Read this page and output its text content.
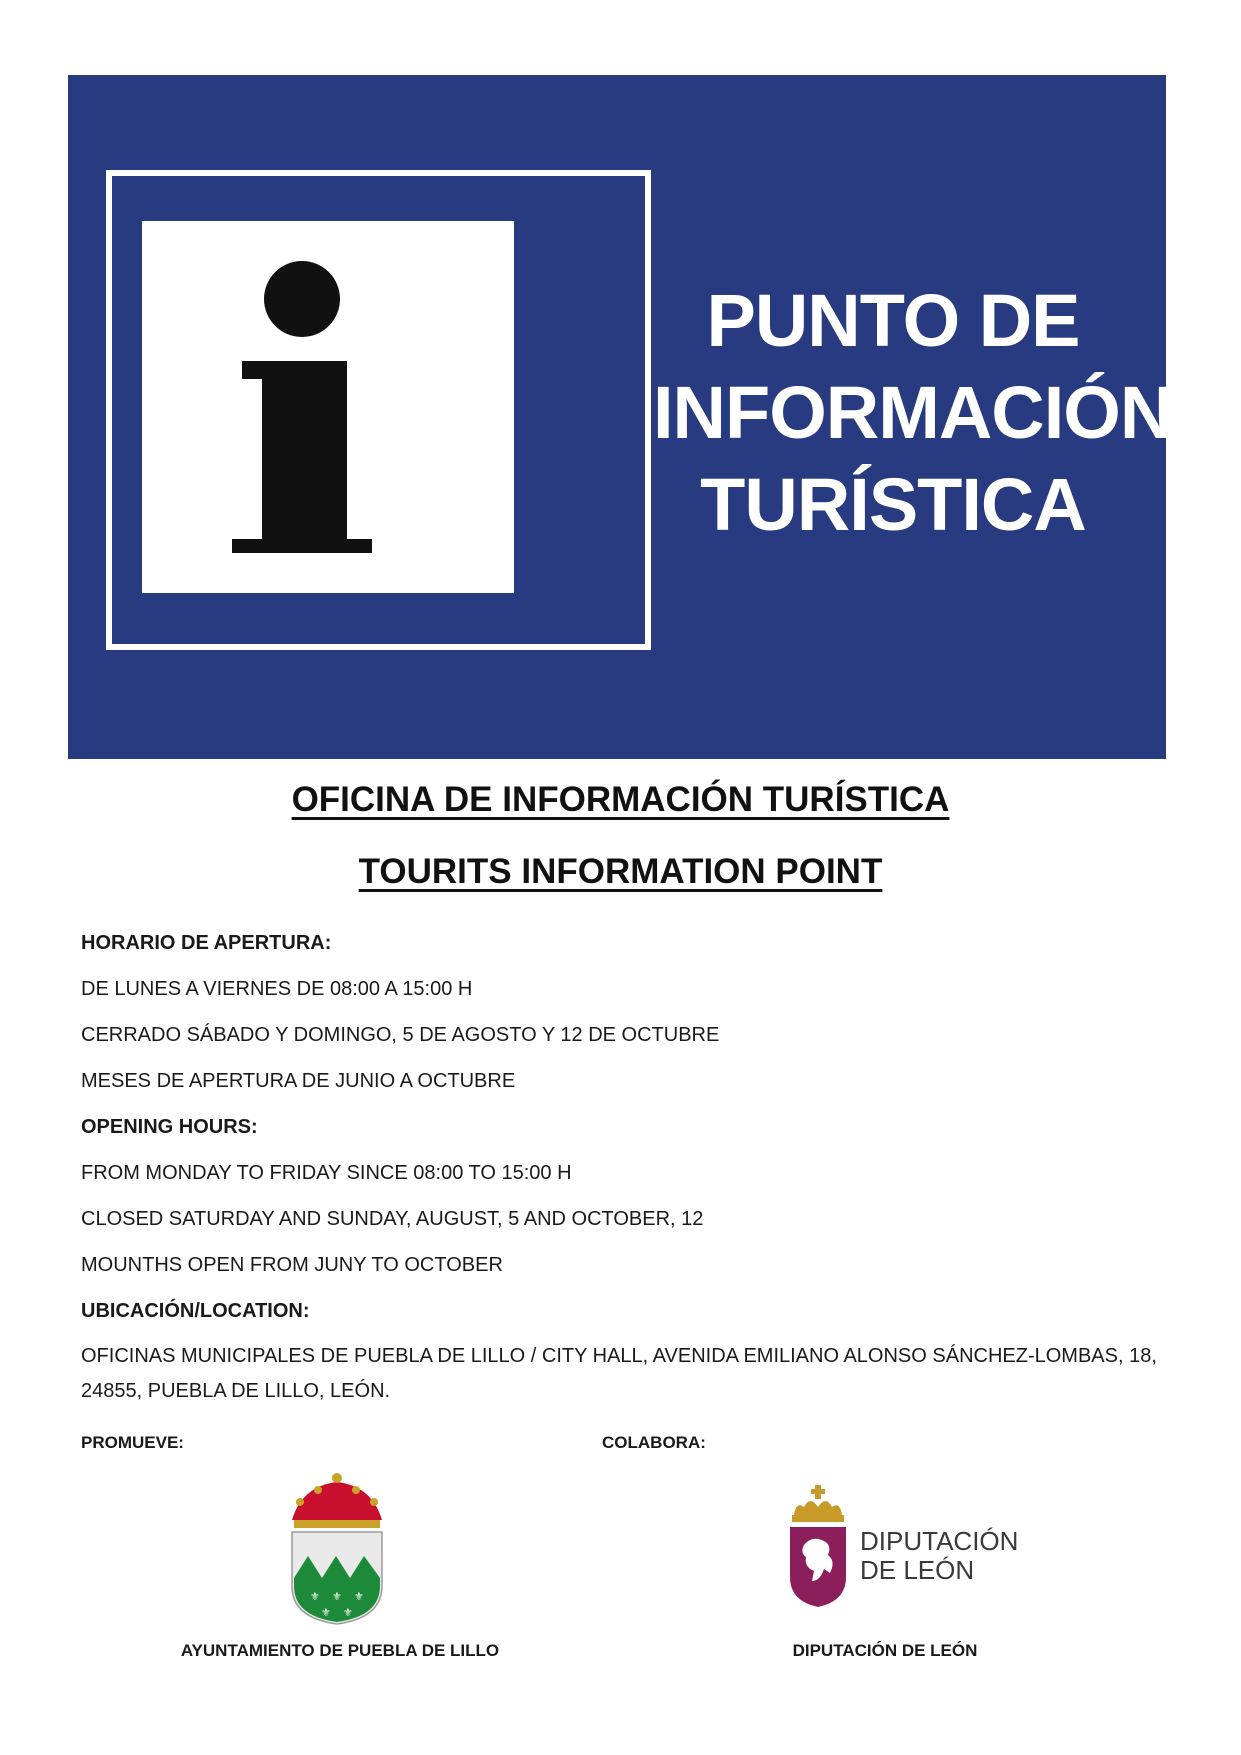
PUNTO DE
INFORMACIÓN
TURÍSTICA
OFICINA DE INFORMACIÓN TURÍSTICA
TOURITS INFORMATION POINT
HORARIO DE APERTURA:
DE LUNES A VIERNES DE 08:00 A 15:00 H
CERRADO SÁBADO Y DOMINGO, 5 DE AGOSTO Y 12 DE OCTUBRE
MESES DE APERTURA DE JUNIO A OCTUBRE
OPENING HOURS:
FROM MONDAY TO FRIDAY SINCE 08:00 TO 15:00 H
CLOSED SATURDAY AND SUNDAY, AUGUST, 5 AND OCTOBER, 12
MOUNTHS OPEN FROM JUNY TO OCTOBER
UBICACIÓN/LOCATION:
OFICINAS MUNICIPALES DE PUEBLA DE LILLO / CITY HALL, AVENIDA EMILIANO ALONSO SÁNCHEZ-LOMBAS, 18,
24855, PUEBLA DE LILLO, LEÓN.
PROMUEVE:	COLABORA:
⚜ ⚜ ⚜
⚜ ⚜
DIPUTACIÓN
DE LEÓN
AYUNTAMIENTO DE PUEBLA DE LILLO	DIPUTACIÓN DE LEÓN
